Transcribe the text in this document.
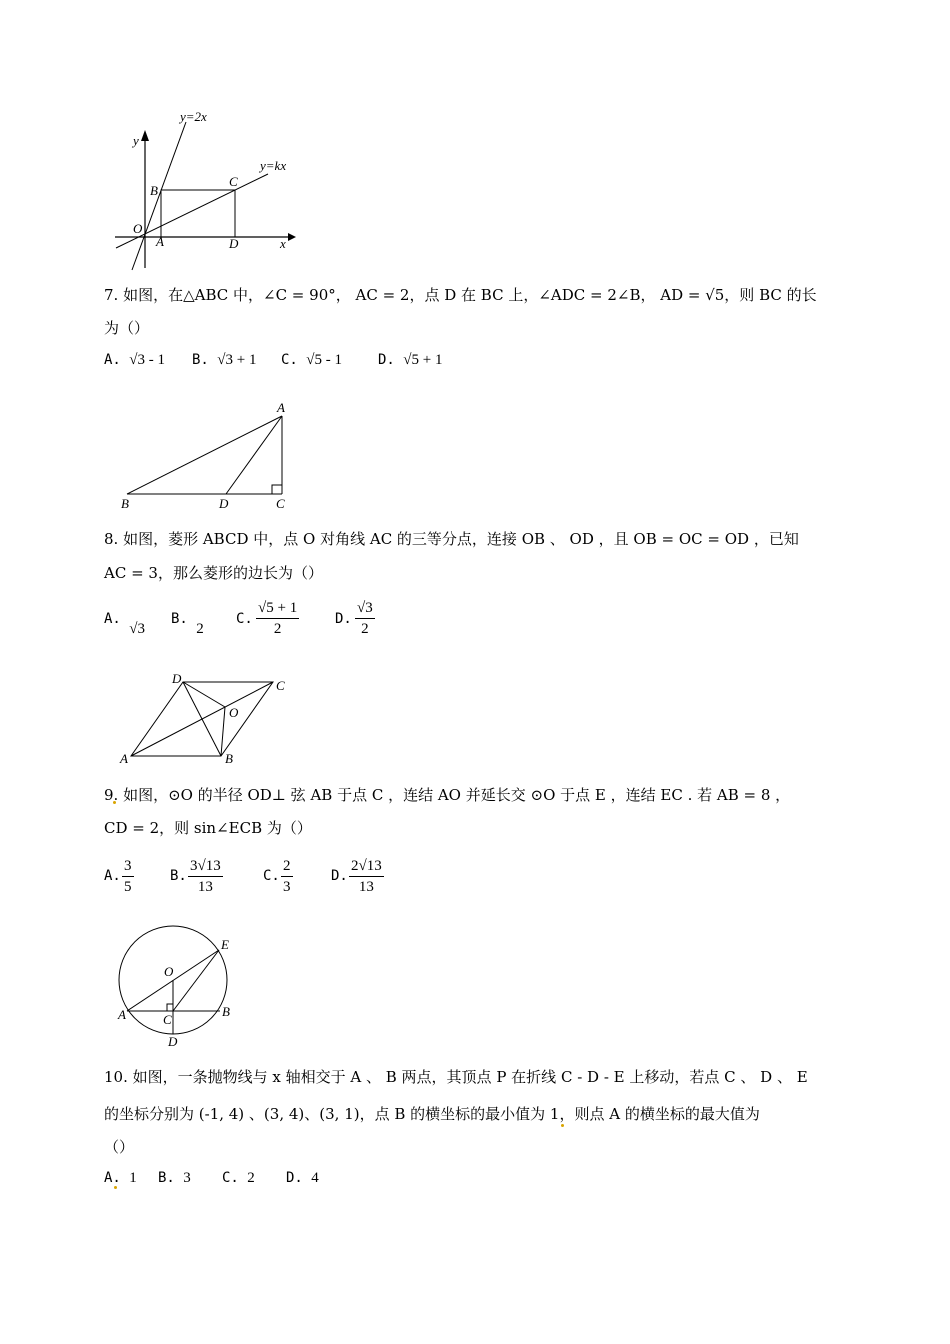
y=2x
y=kx
y
x
O
A
B
C
D
7. 如图，在△ABC 中，∠C = 90°， AC = 2，点 D 在 BC 上，∠ADC = 2∠B， AD = √5，则 BC 的长
为（）
A. √3 - 1 B. √3 + 1 C. √5 - 1	D. √5 + 1
A
B	C
D
8. 如图，菱形 ABCD 中，点 O 对角线 AC 的三等分点，连接 OB 、 OD ，且 OB = OC = OD ，已知
AC = 3，那么菱形的边长为（）
A. √3
B. 2
C. $\frac{√5 + 1}{2}$	D. $\frac{√3}{2}$
A	B
C
D
O
9. 如图，⊙O 的半径 OD⊥ 弦 AB 于点 C ，连结 AO 并延长交 ⊙O 于点 E ，连结 EC . 若 AB = 8 ，
CD = 2，则 sin∠ECB 为（）
A. $\frac{3}{5}$	B. $\frac{3√13}{13}$	C. $\frac{2}{3}$	D. $\frac{2√13}{13}$
A	B
C
D
E
O
10. 如图，一条抛物线与 x 轴相交于 A 、 B 两点，其顶点 P 在折线 C - D - E 上移动，若点 C 、 D 、 E
的坐标分别为 (-1, 4) 、(3, 4)、(3, 1)，点 B 的横坐标的最小值为 1，则点 A 的横坐标的最大值为
（）
A. 1 B. 3 C. 2 D. 4
